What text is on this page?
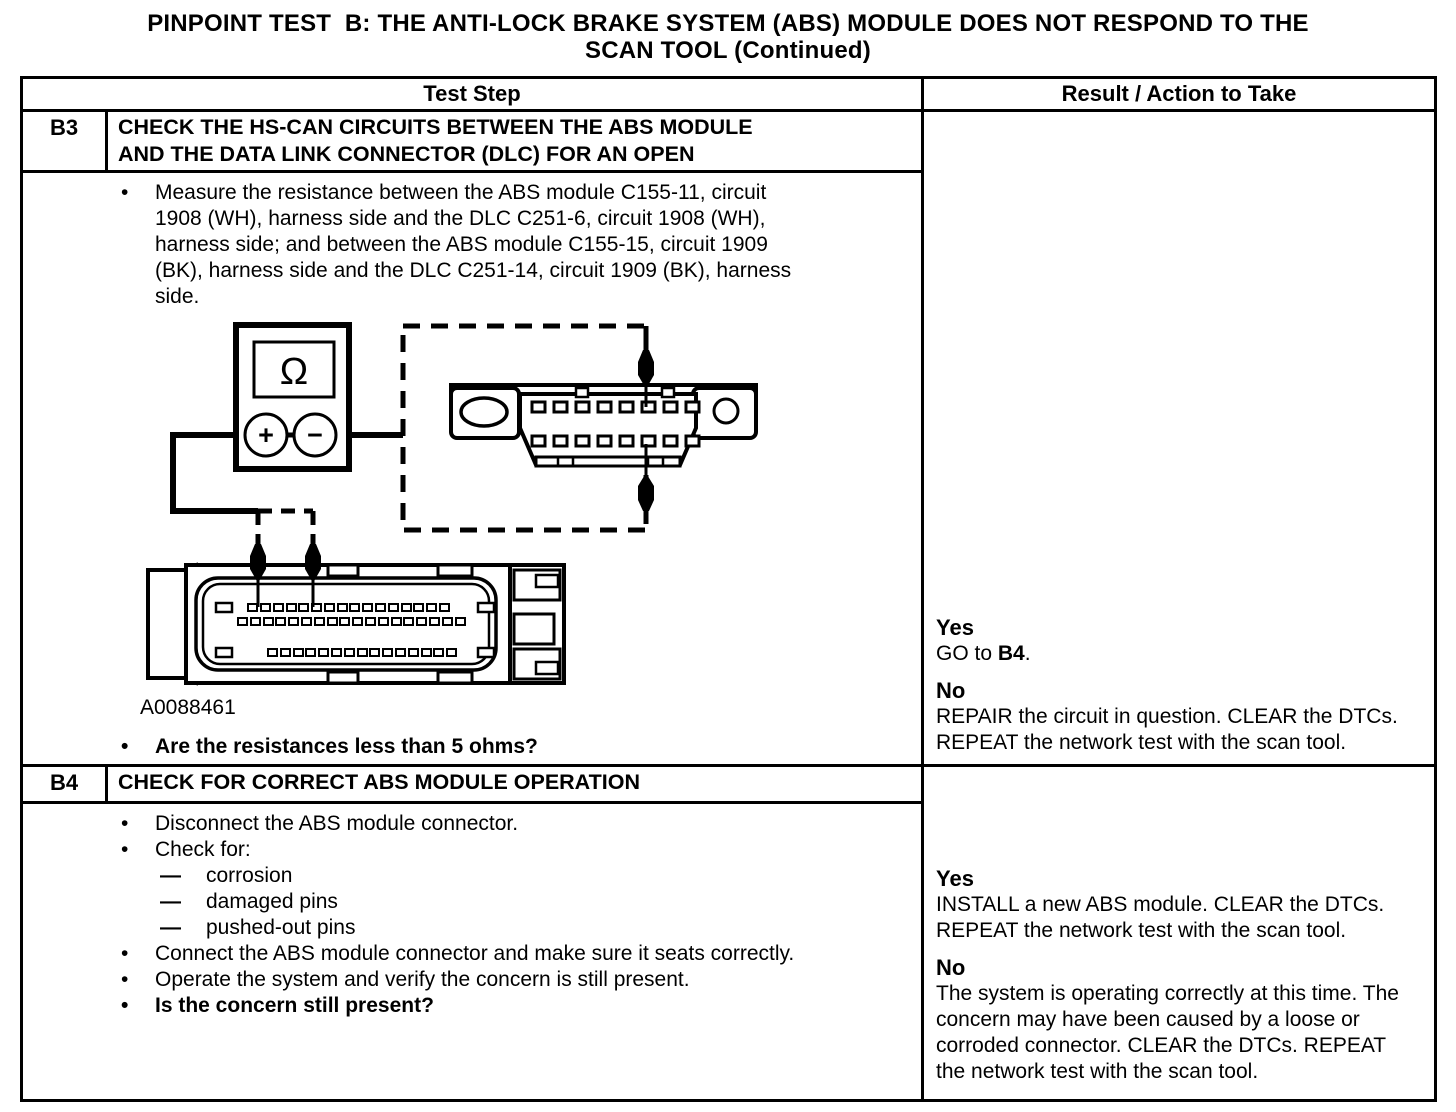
PINPOINT TEST  B: THE ANTI-LOCK BRAKE SYSTEM (ABS) MODULE DOES NOT RESPOND TO THE
SCAN TOOL (Continued)
Test Step	Result / Action to Take
B3	CHECK THE HS-CAN CIRCUITS BETWEEN THE ABS MODULE
AND THE DATA LINK CONNECTOR (DLC) FOR AN OPEN
•	Measure the resistance between the ABS module C155-11, circuit 1908 (WH), harness side and the DLC C251-6, circuit 1908 (WH), harness side; and between the ABS module C155-15, circuit 1909 (BK), harness side and the DLC C251-14, circuit 1909 (BK), harness side.
Ω
+ −
A0088461
•	Are the resistances less than 5 ohms?
Yes
GO to B4.
No
REPAIR the circuit in question. CLEAR the DTCs. REPEAT the network test with the scan tool.
B4	CHECK FOR CORRECT ABS MODULE OPERATION
•	Disconnect the ABS module connector.
•	Check for:
—	corrosion
—	damaged pins
—	pushed-out pins
•	Connect the ABS module connector and make sure it seats correctly.
•	Operate the system and verify the concern is still present.
•	Is the concern still present?
Yes
INSTALL a new ABS module. CLEAR the DTCs. REPEAT the network test with the scan tool.
No
The system is operating correctly at this time. The concern may have been caused by a loose or corroded connector. CLEAR the DTCs. REPEAT the network test with the scan tool.
